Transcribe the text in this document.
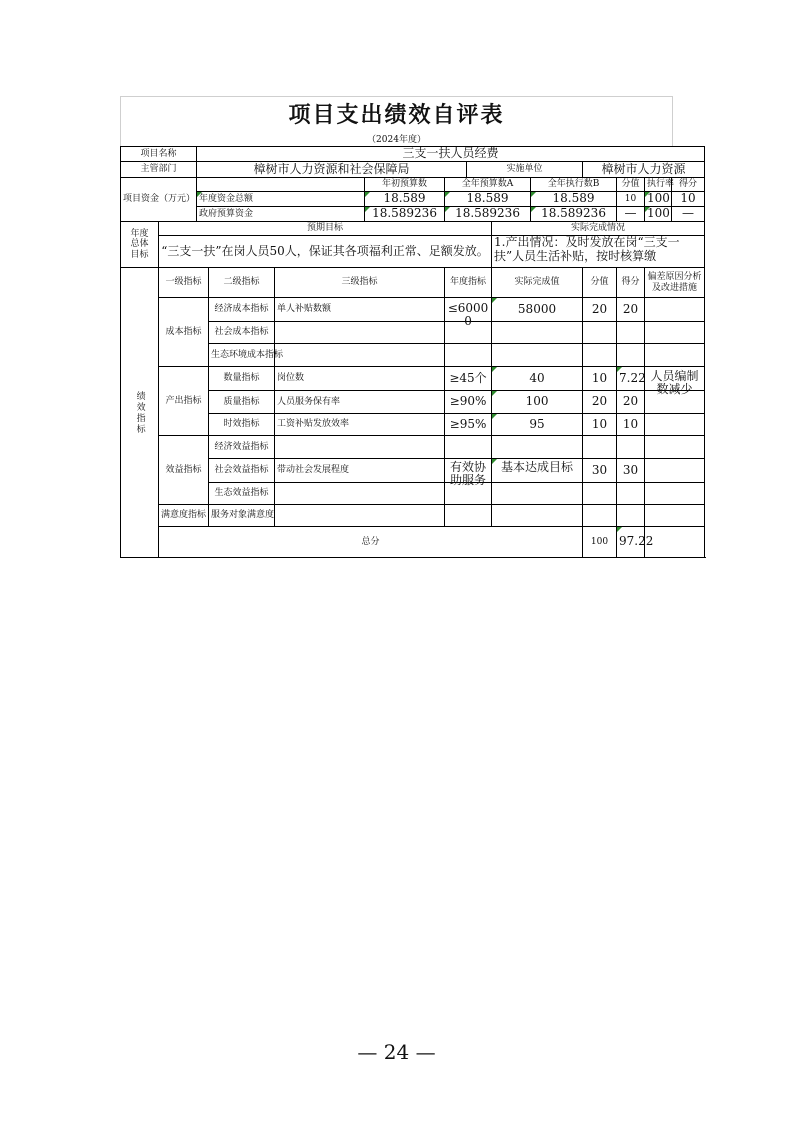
项目支出绩效自评表
（2024年度）
项目名称		三支一扶人员经费											
主管部门		樟树市人力资源和社会保障局					实施单位			樟树市人力资源			
项目资金（万元）					年初预算数	全年预算数A			全年执行数B		分值	执行率	得分
		年度资金总额			18.589	18.589			18.589		10	100	10
		政府预算资金			18.589236	18.589236			18.589236		—	100	—

年度总体目标	预期目标							实际完成情况					
	“三支一扶”在岗人员50人，保证其各项福利正常、足额发放。							1.产出情况：及时发放在岗“三支一扶”人员生活补贴，按时核算缴					

绩效指标	一级指标		二级指标	三级指标		年度指标		实际完成值		分值	得分	偏差原因分析及改进措施	
	成本指标		经济成本指标	单人补贴数额		≤60000		58000		20	20		
			社会成本指标										
			生态环境成本指标										
	产出指标		数量指标	岗位数		≥45个		40		10	7.22	人员编制数减少	

			质量指标	人员服务保有率		≥90%		100		20	20		
			时效指标	工资补贴发放效率		≥95%		95		10	10		
	效益指标		经济效益指标										
			社会效益指标	带动社会发展程度		有效协助服务		基本达成目标		30	30		
			生态效益指标										
	满意度指标		服务对象满意度										
	总分									100	97.22		
— 24 —
